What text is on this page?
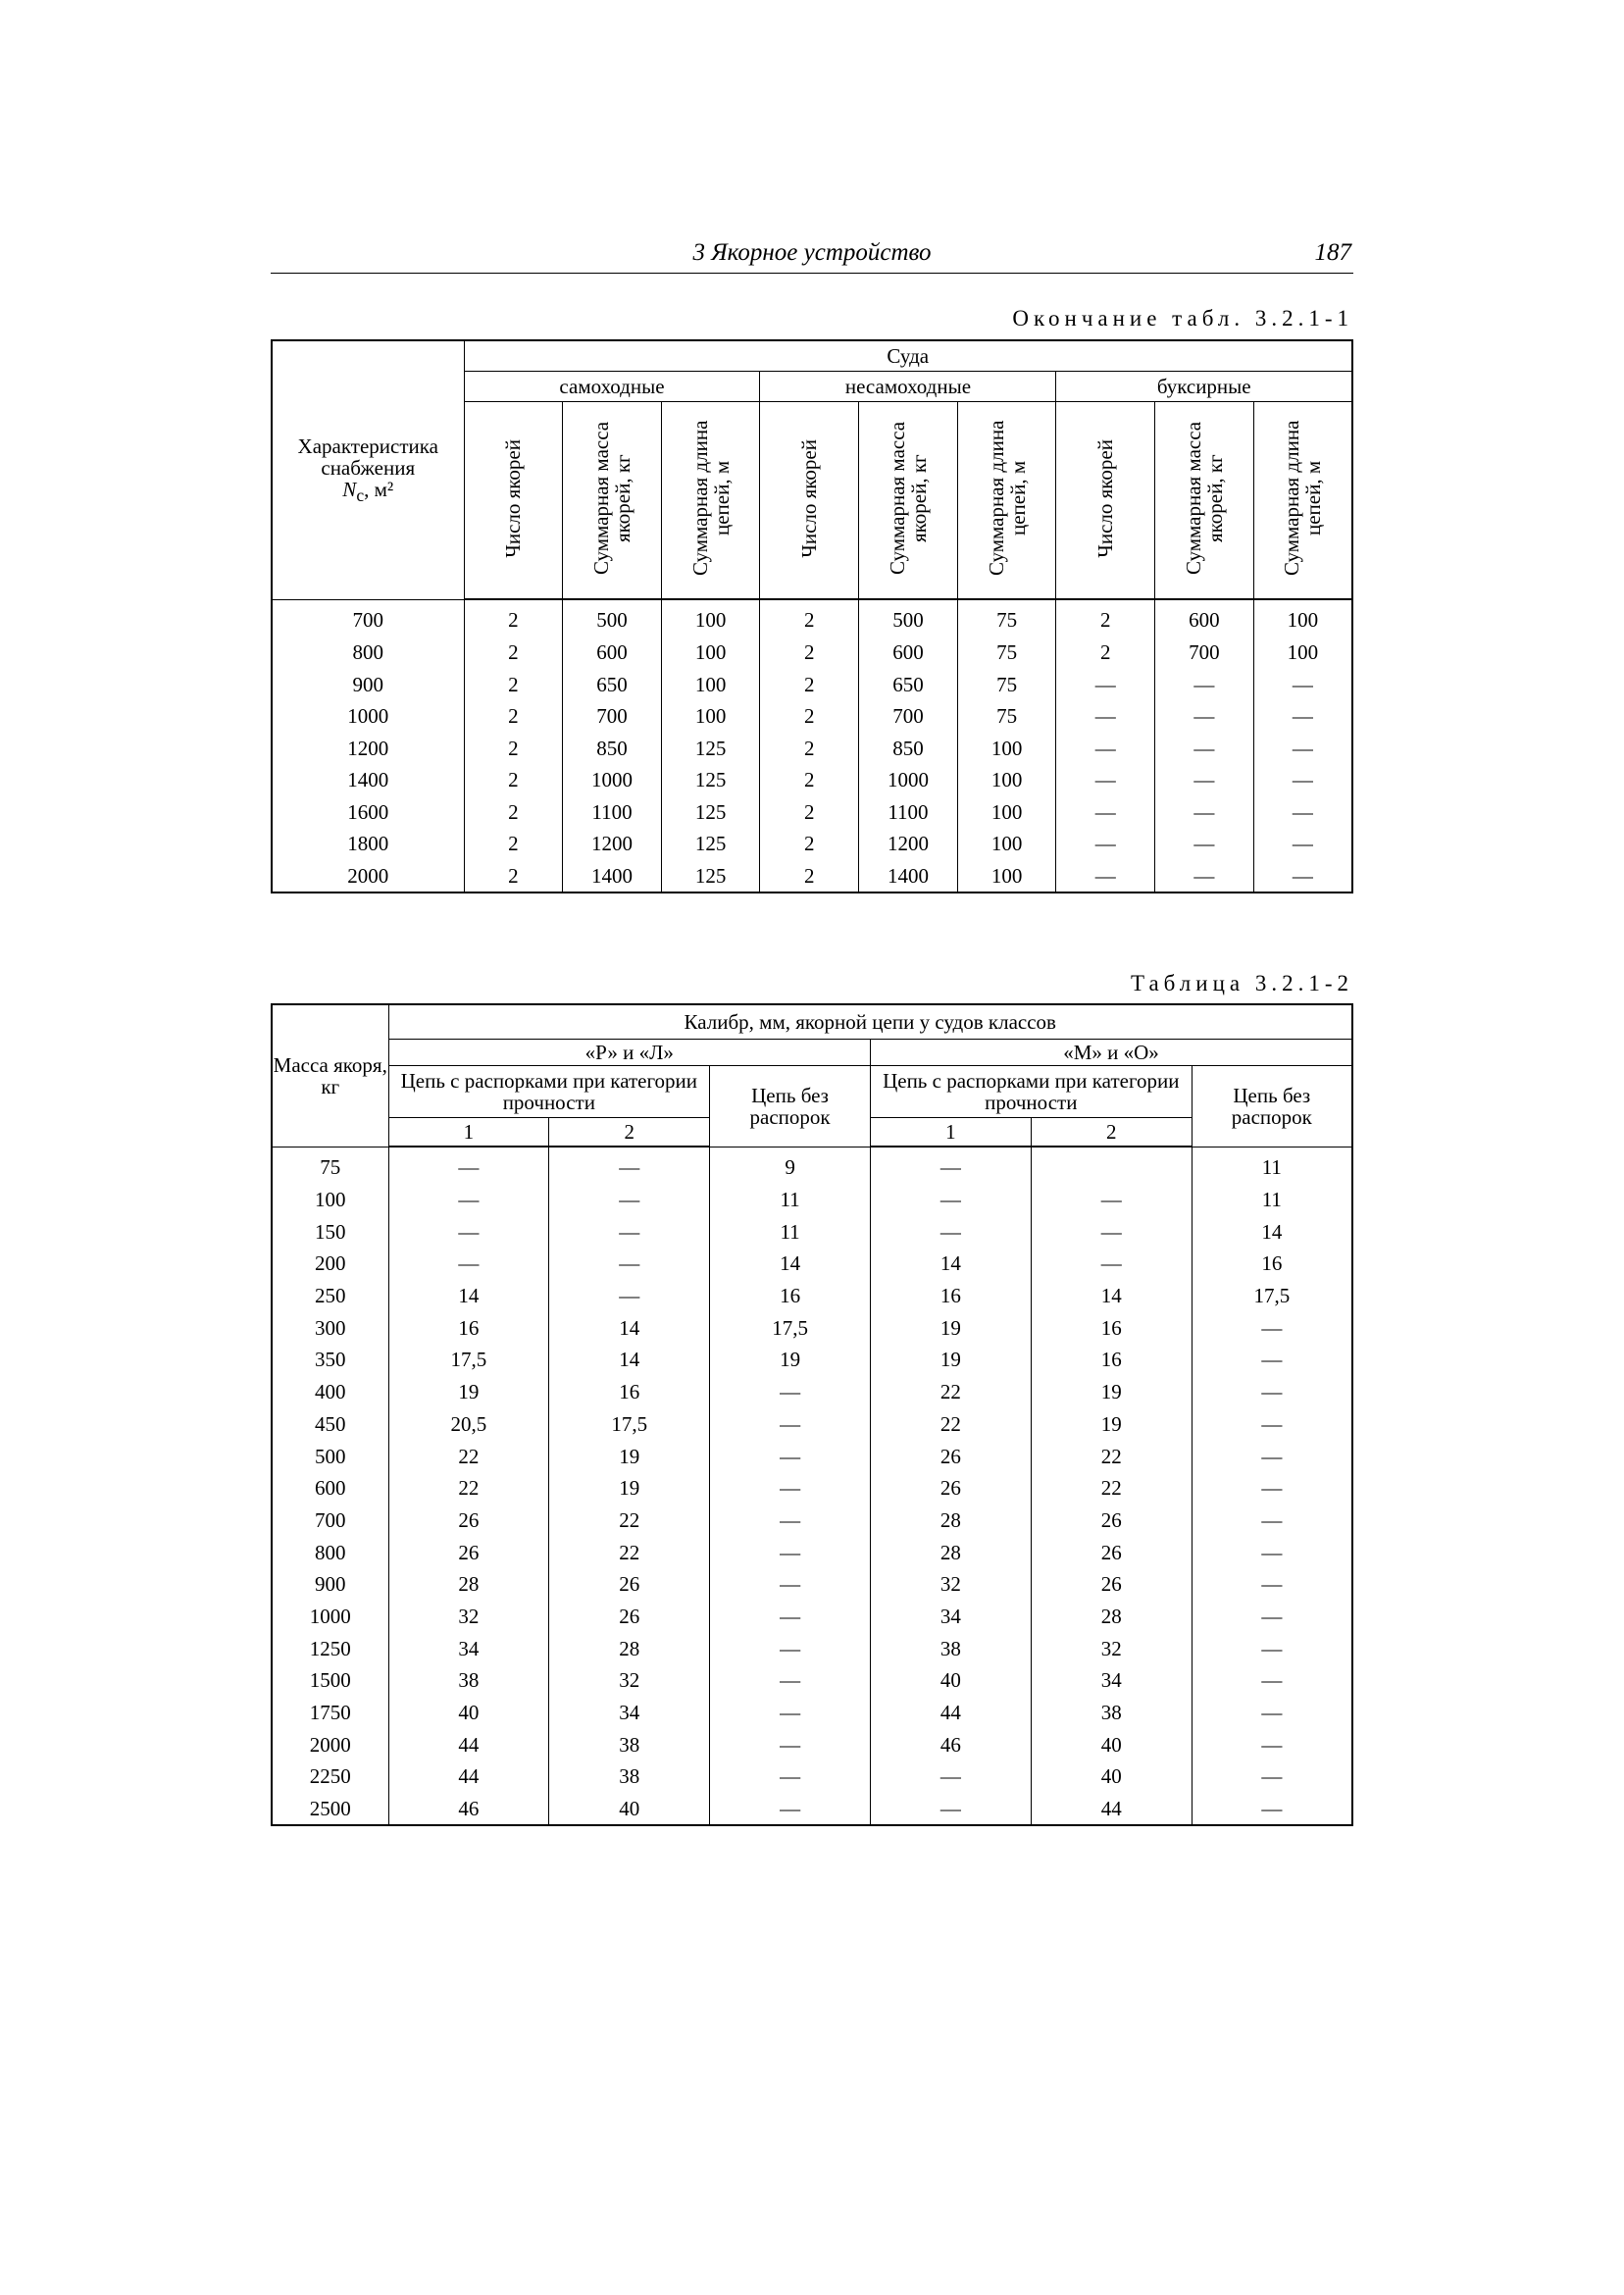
3 Якорное устройство	187
Окончание табл. 3.2.1-1
Характеристика снабжения
$N_c$, м²	Суда								
	самоходные			несамоходные			буксирные		
	Число якорей	Суммарная масса якорей, кг	Суммарная длина цепей, м	Число якорей	Суммарная масса якорей, кг	Суммарная длина цепей, м	Число якорей	Суммарная масса якорей, кг	Суммарная длина цепей, м
700	2	500	100	2	500	75	2	600	100
800	2	600	100	2	600	75	2	700	100
900	2	650	100	2	650	75	—	—	—
1000	2	700	100	2	700	75	—	—	—
1200	2	850	125	2	850	100	—	—	—
1400	2	1000	125	2	1000	100	—	—	—
1600	2	1100	125	2	1100	100	—	—	—
1800	2	1200	125	2	1200	100	—	—	—
2000	2	1400	125	2	1400	100	—	—	—
Таблица 3.2.1-2
Масса якоря, кг	Калибр, мм, якорной цепи у судов классов					
	«Р» и «Л»			«М» и «О»		
	Цепь с распорками при категории прочности		Цепь без распорок	Цепь с распорками при категории прочности		Цепь без распорок
	1	2		1	2	
75	—	—	9	—		11
100	—	—	11	—	—	11
150	—	—	11	—	—	14
200	—	—	14	14	—	16
250	14	—	16	16	14	17,5
300	16	14	17,5	19	16	—
350	17,5	14	19	19	16	—
400	19	16	—	22	19	—
450	20,5	17,5	—	22	19	—
500	22	19	—	26	22	—
600	22	19	—	26	22	—
700	26	22	—	28	26	—
800	26	22	—	28	26	—
900	28	26	—	32	26	—
1000	32	26	—	34	28	—
1250	34	28	—	38	32	—
1500	38	32	—	40	34	—
1750	40	34	—	44	38	—
2000	44	38	—	46	40	—
2250	44	38	—	—	40	—
2500	46	40	—	—	44	—
